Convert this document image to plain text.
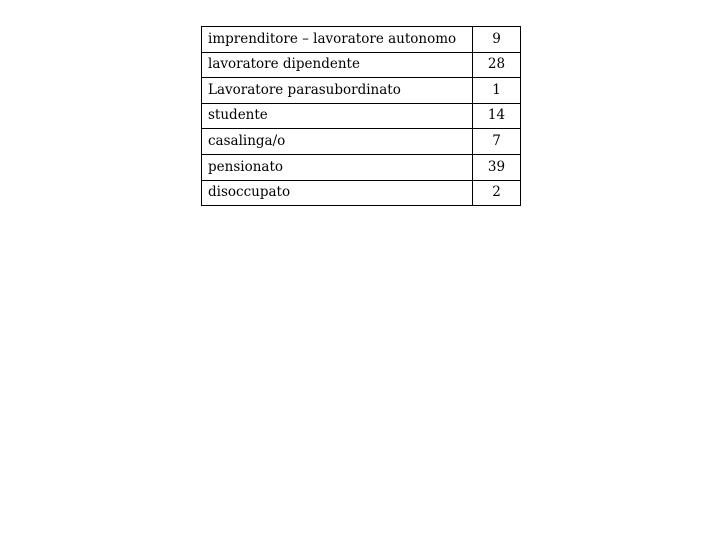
imprenditore – lavoratore autonomo	9
lavoratore dipendente	28
Lavoratore parasubordinato	1
studente	14
casalinga/o	7
pensionato	39
disoccupato	2
